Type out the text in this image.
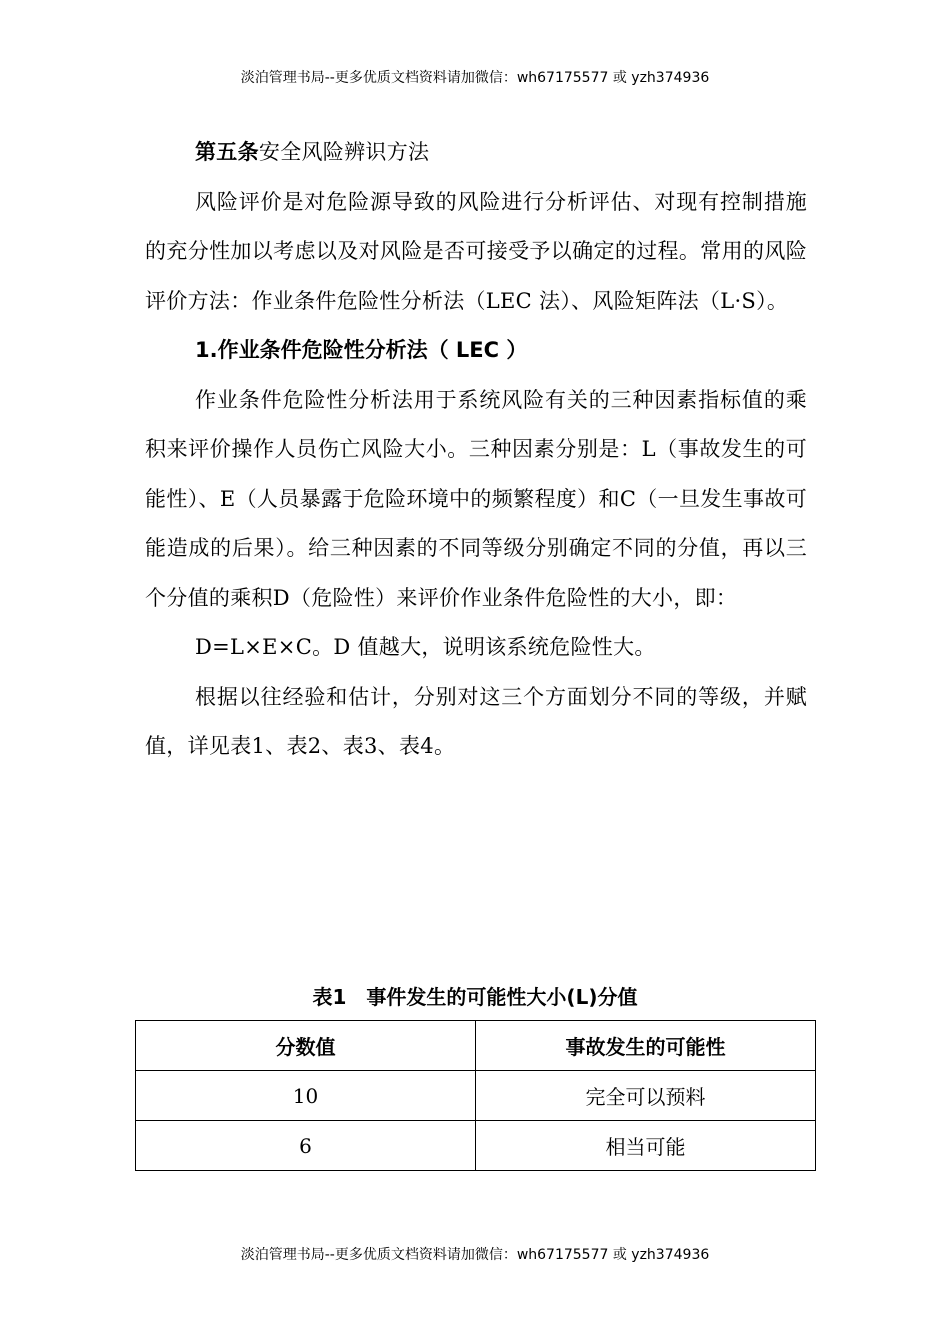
淡泊管理书局--更多优质文档资料请加微信：wh67175577 或 yzh374936

第五条安全风险辨识方法

风险评价是对危险源导致的风险进行分析评估、对现有控制措施的充分性加以考虑以及对风险是否可接受予以确定的过程。常用的风险评价方法：作业条件危险性分析法（LEC 法）、风险矩阵法（L·S）。

1.作业条件危险性分析法（ LEC ）

作业条件危险性分析法用于系统风险有关的三种因素指标值的乘积来评价操作人员伤亡风险大小。三种因素分别是：L（事故发生的可能性）、E（人员暴露于危险环境中的频繁程度）和C（一旦发生事故可能造成的后果）。给三种因素的不同等级分别确定不同的分值，再以三个分值的乘积D（危险性）来评价作业条件危险性的大小，即：

D=L×E×C。D 值越大，说明该系统危险性大。

根据以往经验和估计，分别对这三个方面划分不同的等级，并赋值，详见表1、表2、表3、表4。

表1　事件发生的可能性大小(L)分值
分数值	事故发生的可能性
10	完全可以预料
6	相当可能
淡泊管理书局--更多优质文档资料请加微信：wh67175577 或 yzh374936
